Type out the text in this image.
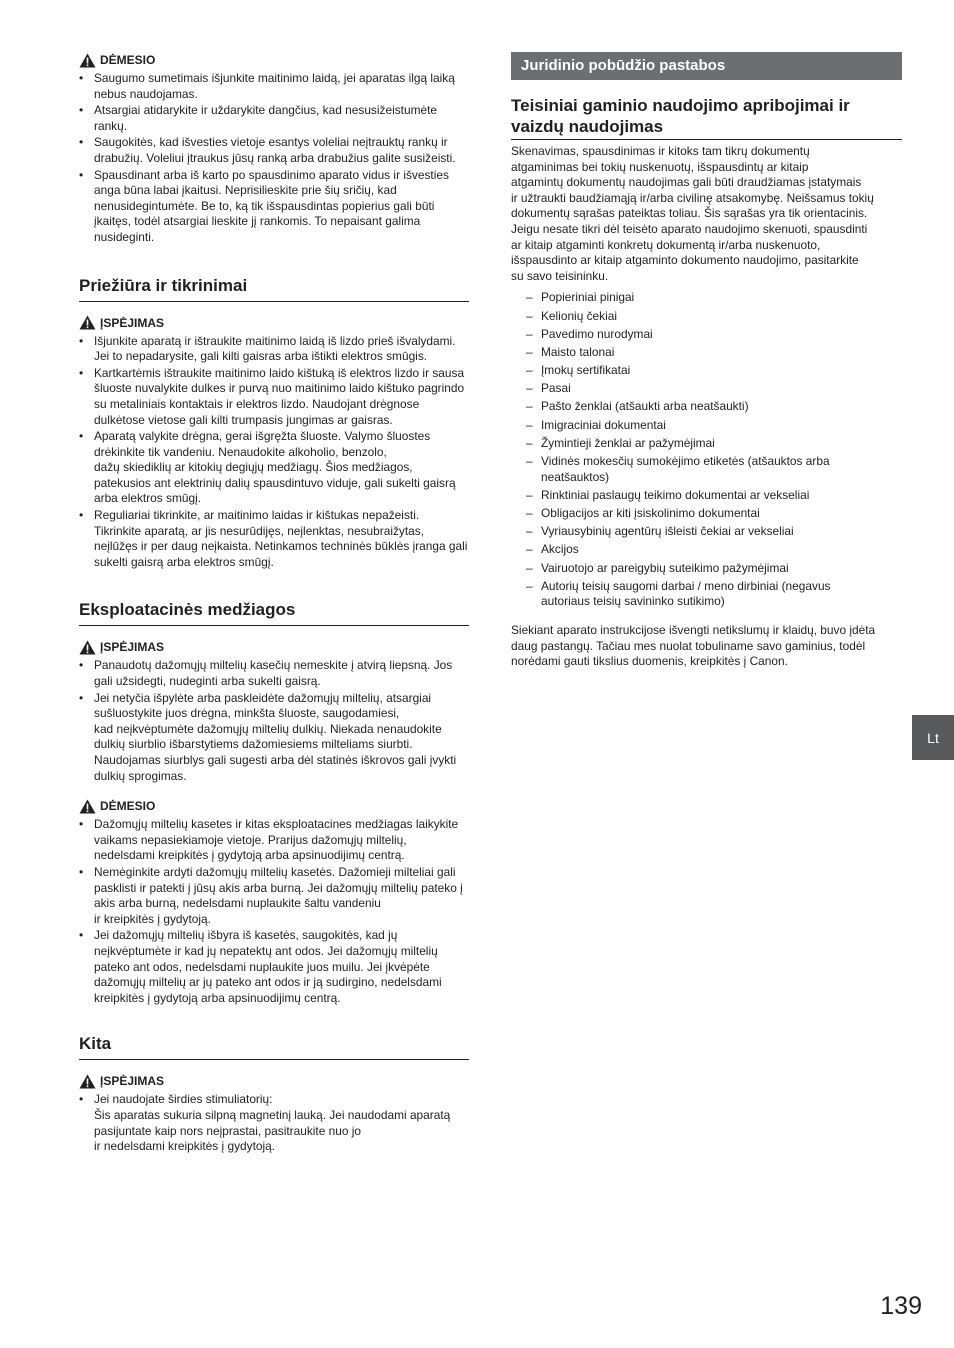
DĖMESIO
• Saugumo sumetimais išjunkite maitinimo laidą, jei aparatas ilgą laiką nebus naudojamas.
• Atsargiai atidarykite ir uždarykite dangčius, kad nesusižeistumėte rankų.
• Saugokitės, kad išvesties vietoje esantys voleliai neįtrauktų rankų ir drabužių. Voleliui įtraukus jūsų ranką arba drabužius galite susižeisti.
• Spausdinant arba iš karto po spausdinimo aparato vidus ir išvesties anga būna labai įkaitusi. Neprisilieskite prie šių sričių, kad nenusidegintumėte. Be to, ką tik išspausdintas popierius gali būti įkaitęs, todėl atsargiai lieskite jį rankomis. To nepaisant galima nusideginti.
Priežiūra ir tikrinimai
ĮSPĖJIMAS
• Išjunkite aparatą ir ištraukite maitinimo laidą iš lizdo prieš išvalydami. Jei to nepadarysite, gali kilti gaisras arba ištikti elektros smūgis.
• Kartkartėmis ištraukite maitinimo laido kištuką iš elektros lizdo ir sausa šluoste nuvalykite dulkes ir purvą nuo maitinimo laido kištuko pagrindo su metaliniais kontaktais ir elektros lizdo. Naudojant drėgnose dulkėtose vietose gali kilti trumpasis jungimas ar gaisras.
• Aparatą valykite drėgna, gerai išgręžta šluoste. Valymo šluostes drėkinkite tik vandeniu. Nenaudokite alkoholio, benzolo,
dažų skiediklių ar kitokių degiųjų medžiagų. Šios medžiagos, patekusios ant elektrinių dalių spausdintuvo viduje, gali sukelti gaisrą arba elektros smūgį.
• Reguliariai tikrinkite, ar maitinimo laidas ir kištukas nepažeisti. Tikrinkite aparatą, ar jis nesurūdijęs, neįlenktas, nesubraižytas, neįlūžęs ir per daug neįkaista. Netinkamos techninės būklės įranga gali sukelti gaisrą arba elektros smūgį.
Eksploatacinės medžiagos
ĮSPĖJIMAS
• Panaudotų dažomųjų miltelių kasečių nemeskite į atvirą liepsną. Jos gali užsidegti, nudeginti arba sukelti gaisrą.
• Jei netyčia išpylėte arba paskleidėte dažomųjų miltelių, atsargiai sušluostykite juos drėgna, minkšta šluoste, saugodamiesi,
kad neįkvėptumėte dažomųjų miltelių dulkių. Niekada nenaudokite dulkių siurblio išbarstytiems dažomiesiems milteliams siurbti. Naudojamas siurblys gali sugesti arba dėl statinės iškrovos gali įvykti dulkių sprogimas.
DĖMESIO
• Dažomųjų miltelių kasetes ir kitas eksploatacines medžiagas laikykite vaikams nepasiekiamoje vietoje. Prarijus dažomųjų miltelių, nedelsdami kreipkitės į gydytoją arba apsinuodijimų centrą.
• Nemėginkite ardyti dažomųjų miltelių kasetės. Dažomieji milteliai gali pasklisti ir patekti į jūsų akis arba burną. Jei dažomųjų miltelių pateko į akis arba burną, nedelsdami nuplaukite šaltu vandeniu
ir kreipkitės į gydytoją.
• Jei dažomųjų miltelių išbyra iš kasetės, saugokitės, kad jų neįkvėptumėte ir kad jų nepatektų ant odos. Jei dažomųjų miltelių pateko ant odos, nedelsdami nuplaukite juos muilu. Jei įkvėpėte dažomųjų miltelių ar jų pateko ant odos ir ją sudirgino, nedelsdami kreipkitės į gydytoją arba apsinuodijimų centrą.
Kita
ĮSPĖJIMAS
• Jei naudojate širdies stimuliatorių:
Šis aparatas sukuria silpną magnetinį lauką. Jei naudodami aparatą pasijuntate kaip nors neįprastai, pasitraukite nuo jo
ir nedelsdami kreipkitės į gydytoją.
Juridinio pobūdžio pastabos
Teisiniai gaminio naudojimo apribojimai ir
vaizdų naudojimas

Skenavimas, spausdinimas ir kitoks tam tikrų dokumentų
atgaminimas bei tokių nuskenuotų, išspausdintų ar kitaip
atgamintų dokumentų naudojimas gali būti draudžiamas įstatymais
ir užtraukti baudžiamąją ir/arba civilinę atsakomybę. Neišsamus tokių
dokumentų sąrašas pateiktas toliau. Šis sąrašas yra tik orientacinis.
Jeigu nesate tikri dėl teisėto aparato naudojimo skenuoti, spausdinti
ar kitaip atgaminti konkretų dokumentą ir/arba nuskenuoto,
išspausdinto ar kitaip atgaminto dokumento naudojimo, pasitarkite
su savo teisininku.

– Popieriniai pinigai
– Kelionių čekiai
– Pavedimo nurodymai
– Maisto talonai
– Įmokų sertifikatai
– Pasai
– Pašto ženklai (atšaukti arba neatšaukti)
– Imigraciniai dokumentai
– Žymintieji ženklai ar pažymėjimai
– Vidinės mokesčių sumokėjimo etiketės (atšauktos arba
neatšauktos)
– Rinktiniai paslaugų teikimo dokumentai ar vekseliai
– Obligacijos ar kiti įsiskolinimo dokumentai
– Vyriausybinių agentūrų išleisti čekiai ar vekseliai
– Akcijos
– Vairuotojo ar pareigybių suteikimo pažymėjimai
– Autorių teisių saugomi darbai / meno dirbiniai (negavus
autoriaus teisių savininko sutikimo)

Siekiant aparato instrukcijose išvengti netikslumų ir klaidų, buvo įdėta
daug pastangų. Tačiau mes nuolat tobuliname savo gaminius, todėl
norėdami gauti tikslius duomenis, kreipkitės į Canon.

Lt
139
